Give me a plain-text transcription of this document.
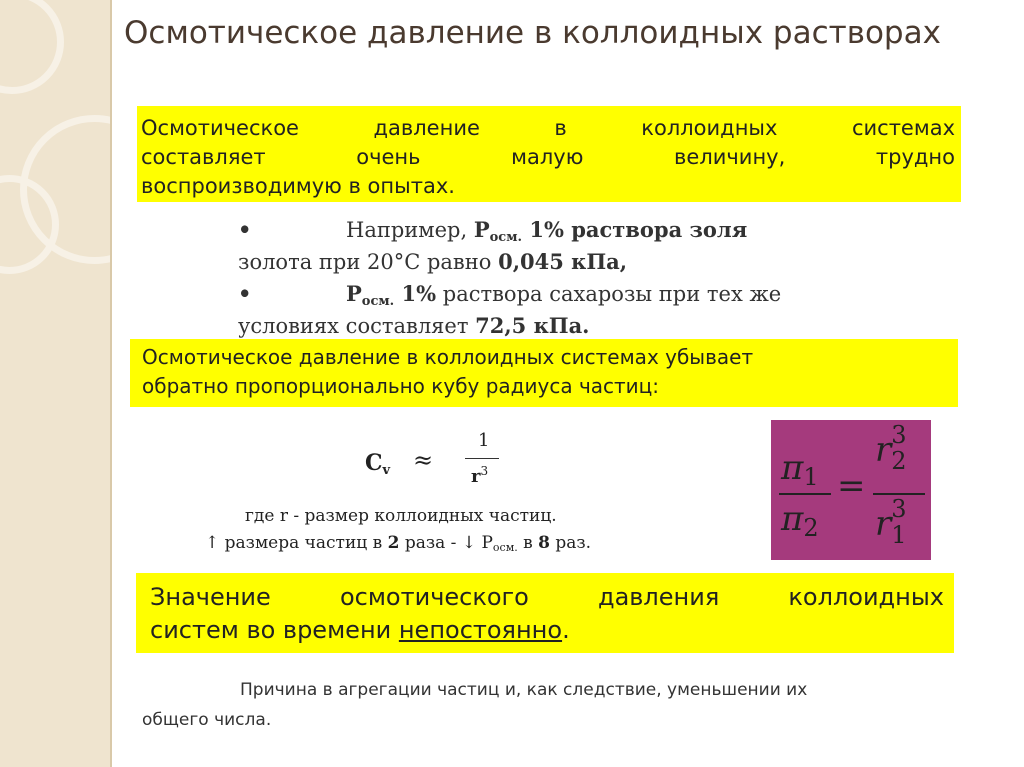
Осмотическое давление в коллоидных растворах

Осмотическое давление в коллоидных системах

составляет очень малую величину, трудно

воспроизводимую в опытах.

•	Например, $Р_{осм.}$ 1% раствора золя
золота при 20°С равно 0,045 кПа,
•	$Р_{осм.}$ 1% раствора сахарозы при тех же
условиях составляет 72,5 кПа.

Осмотическое давление в коллоидных системах убывает

обратно пропорционально кубу радиуса частиц:

Cv ≈
1
$r^3$
где r - размер коллоидных частиц.
↑ размера частиц в 2 раза - ↓ Росм. в 8 раз.
π1
π2
=
r 3
2
r 3
1

Значение осмотического давления коллоидных

систем во времени непостоянно.

Причина в агрегации частиц и, как следствие, уменьшении их
общего числа.
